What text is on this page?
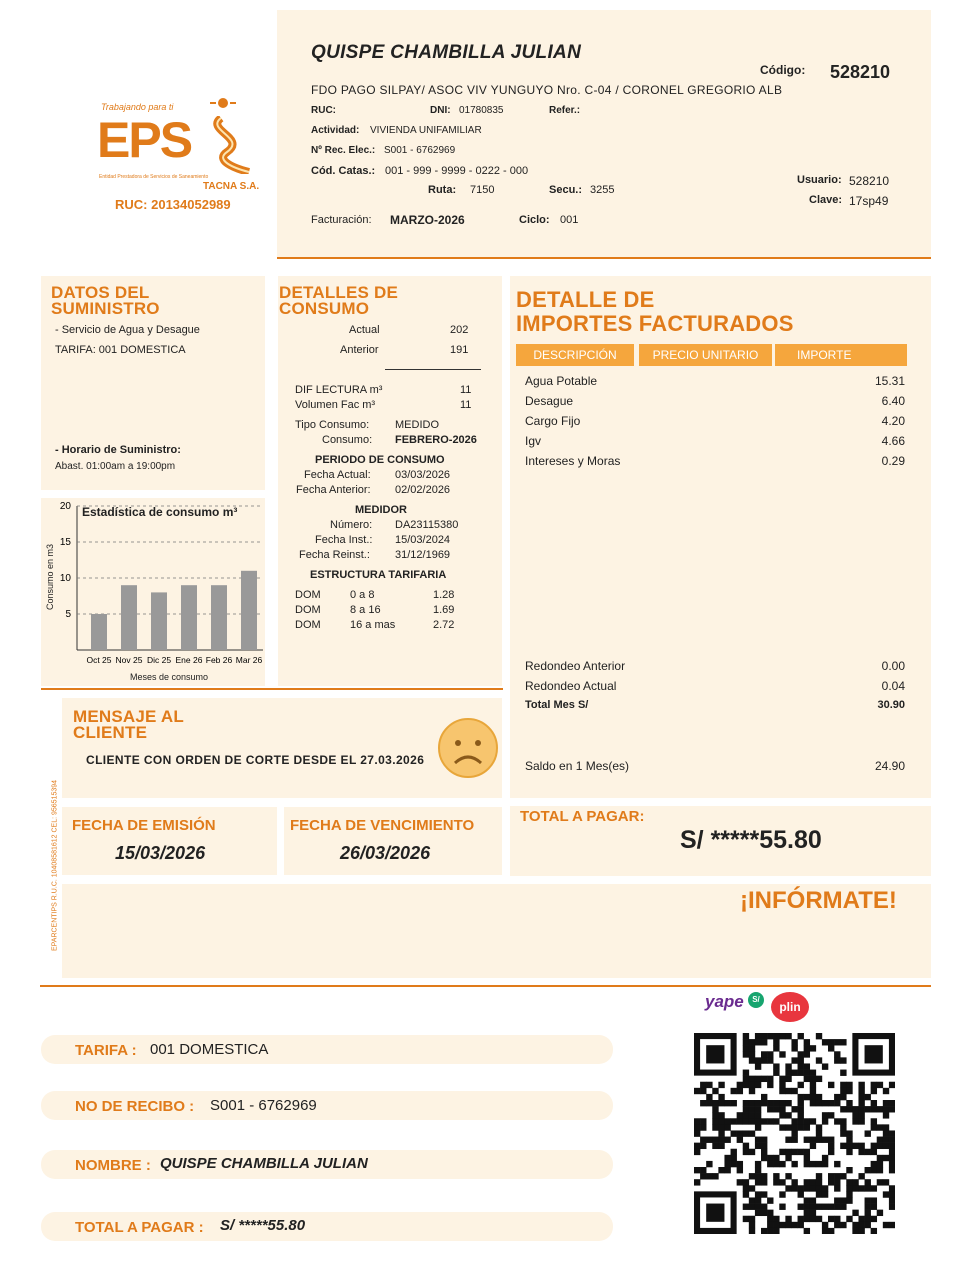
QUISPE CHAMBILLA JULIAN
FDO PAGO SILPAY/ ASOC VIV YUNGUYO Nro. C-04 / CORONEL GREGORIO ALB
Código: 528210
RUC:	DNI: 01780835	Refer.:
Actividad: VIVIENDA UNIFAMILIAR
Nº Rec. Elec.: S001 - 6762969
Cód. Catas.: 001 - 999 - 9999 - 0222 - 000
Ruta: 7150	Secu.: 3255
Usuario: 528210
Clave: 17sp49
Facturación: MARZO-2026	Ciclo: 001
Trabajando para ti
EPS
Entidad Prestadora de Servicios de Saneamiento
TACNA S.A.
RUC: 20134052989
DATOS DEL
SUMINISTRO
- Servicio de Agua y Desague
TARIFA: 001 DOMESTICA
- Horario de Suministro:
Abast. 01:00am a 19:00pm
20
15
10
5
Oct 25 Nov 25 Dic 25 Ene 26 Feb 26 Mar 26
Estadística de consumo m³
Meses de consumo
Consumo en m3
DETALLES DE
CONSUMO
Actual	202
Anterior	191
DIF LECTURA m³	11
Volumen Fac m³	11
Tipo Consumo: MEDIDO
Consumo: FEBRERO-2026
PERIODO DE CONSUMO
Fecha Actual: 03/03/2026
Fecha Anterior: 02/02/2026
MEDIDOR
Número: DA23115380
Fecha Inst.: 15/03/2024
Fecha Reinst.: 31/12/1969
ESTRUCTURA TARIFARIA
DOM	0 a 8	1.28
DOM	8 a 16	1.69
DOM	16 a mas	2.72
DETALLE DE
IMPORTES FACTURADOS
DESCRIPCIÓN	PRECIO UNITARIO	IMPORTE
Agua Potable	15.31
Desague	6.40
Cargo Fijo	4.20
Igv	4.66
Intereses y Moras	0.29
Redondeo Anterior	0.00
Redondeo Actual	0.04
Total Mes S/	30.90
Saldo en 1 Mes(es)	24.90
MENSAJE AL
CLIENTE
CLIENTE CON ORDEN DE CORTE DESDE EL 27.03.2026
EPARCENTIPS R.U.C. 10408581612 CEL: 956515394 FECHA DE EMISIÓN
15/03/2026
FECHA DE VENCIMIENTO
26/03/2026
TOTAL A PAGAR:
S/ *****55.80
¡INFÓRMATE!
yape	S/
plin
TARIFA : 001 DOMESTICA
NO DE RECIBO : S001 - 6762969
NOMBRE : QUISPE CHAMBILLA JULIAN
TOTAL A PAGAR : S/ *****55.80
